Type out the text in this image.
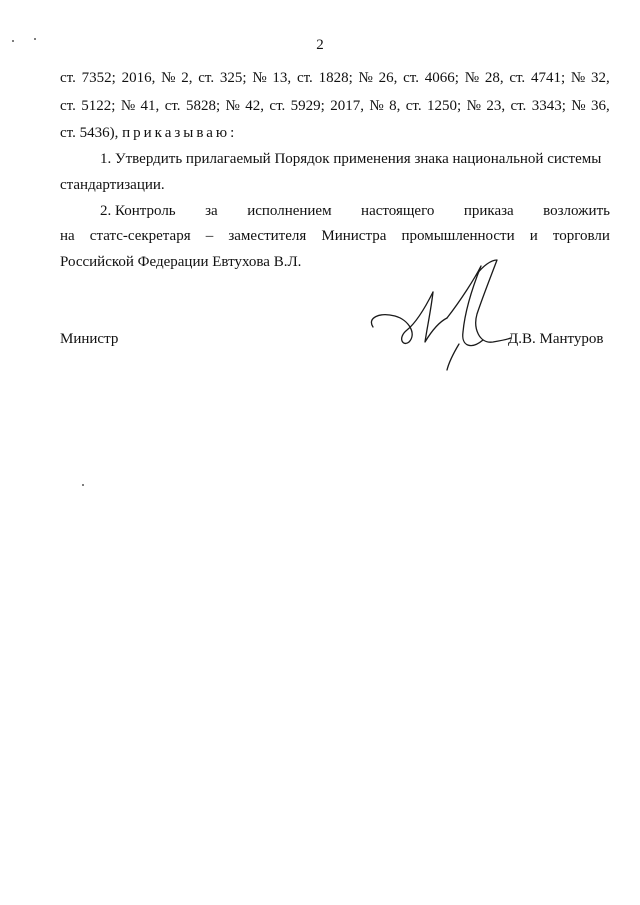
2
ст. 7352; 2016, № 2, ст. 325; № 13, ст. 1828; № 26, ст. 4066; № 28, ст. 4741; № 32,
ст. 5122; № 41, ст. 5828; № 42, ст. 5929; 2017, № 8, ст. 1250; № 23, ст. 3343; № 36,
ст. 5436), приказываю:
1. Утвердить прилагаемый Порядок применения знака национальной системы
стандартизации.
2. Контроль за исполнением настоящего приказа возложить
на статс-секретаря – заместителя Министра промышленности и торговли
Российской Федерации Евтухова В.Л.
Министр	Д.В. Мантуров
